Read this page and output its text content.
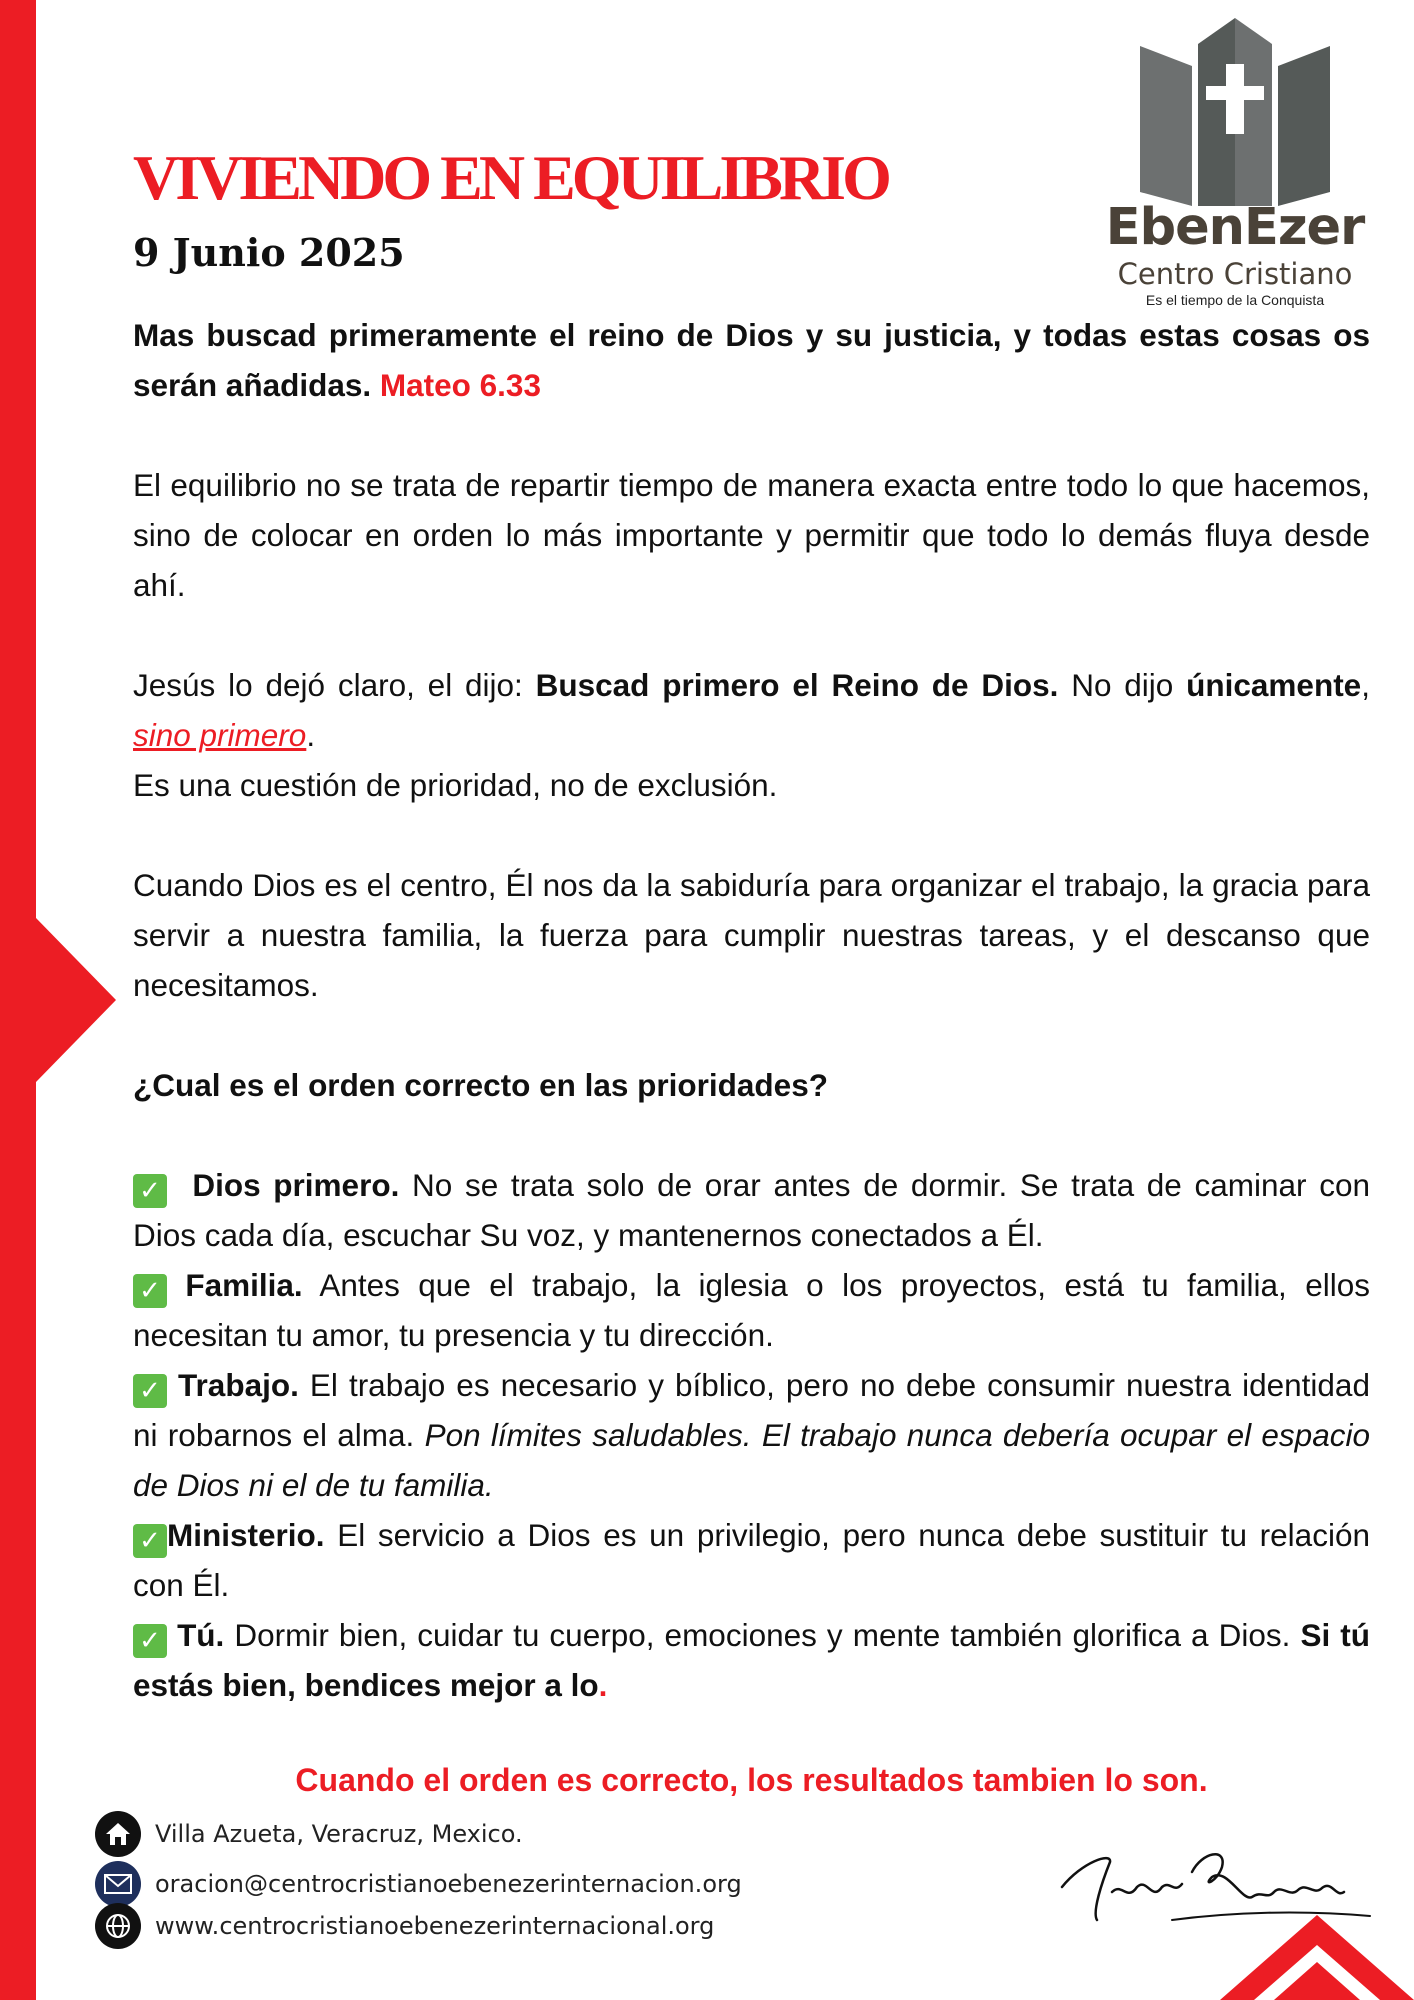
EbenEzer
Centro Cristiano
Es el tiempo de la Conquista
VIVIENDO EN EQUILIBRIO
9 Junio 2025

Mas buscad primeramente el reino de Dios y su justicia, y todas estas cosas os serán añadidas. Mateo 6.33

El equilibrio no se trata de repartir tiempo de manera exacta entre todo lo que hacemos, sino de colocar en orden lo más importante y permitir que todo lo demás fluya desde ahí.

Jesús lo dejó claro, el dijo: Buscad primero el Reino de Dios. No dijo únicamente, sino primero.
Es una cuestión de prioridad, no de exclusión.

Cuando Dios es el centro, Él nos da la sabiduría para organizar el trabajo, la gracia para servir a nuestra familia, la fuerza para cumplir nuestras tareas, y el descanso que necesitamos.

¿Cual es el orden correcto en las prioridades?

✓ Dios primero. No se trata solo de orar antes de dormir. Se trata de caminar con Dios cada día, escuchar Su voz, y mantenernos conectados a Él.

✓ Familia. Antes que el trabajo, la iglesia o los proyectos, está tu familia, ellos necesitan tu amor, tu presencia y tu dirección.

✓ Trabajo. El trabajo es necesario y bíblico, pero no debe consumir nuestra identidad ni robarnos el alma. Pon límites saludables. El trabajo nunca debería ocupar el espacio de Dios ni el de tu familia.

✓ Ministerio. El servicio a Dios es un privilegio, pero nunca debe sustituir tu relación con Él.

✓ Tú. Dormir bien, cuidar tu cuerpo, emociones y mente también glorifica a Dios. Si tú estás bien, bendices mejor a lo.

Cuando el orden es correcto, los resultados tambien lo son.

Villa Azueta, Veracruz, Mexico.
oracion@centrocristianoebenezerinternacion.org
www.centrocristianoebenezerinternacional.org
